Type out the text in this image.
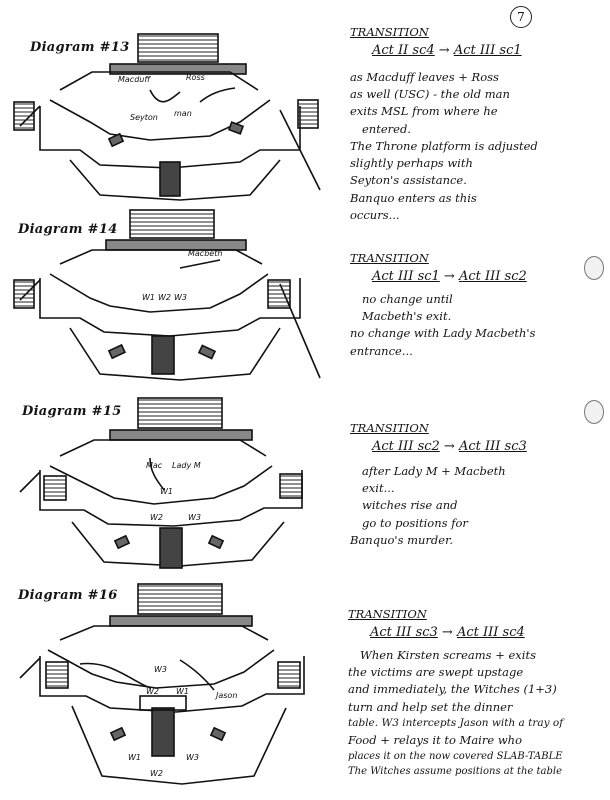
7
Diagram #13
Diagram #14
Diagram #15
Diagram #16
Macduff	Ross
Seyton man
Macbeth
W1 W2 W3
Mac Lady M
W1
W2	W3
W3
W2 W1	Jason
W1
W2
W3
TRANSITION
Act II sc4 → Act III sc1
as Macduff leaves + Ross
as well (USC) - the old man
exits MSL from where he
entered.
The Throne platform is adjusted
slightly perhaps with
Seyton's assistance.
Banquo enters as this
occurs...
TRANSITION
Act III sc1 → Act III sc2
no change until
Macbeth's exit.
no change with Lady Macbeth's
entrance...
TRANSITION
Act III sc2 → Act III sc3
after Lady M + Macbeth
exit...
witches rise and
go to positions for
Banquo's murder.
TRANSITION
Act III sc3 → Act III sc4
When Kirsten screams + exits
the victims are swept upstage
and immediately, the Witches (1+3)
turn and help set the dinner
table. W3 intercepts Jason with a tray of
Food + relays it to Maire who
places it on the now covered SLAB-TABLE
The Witches assume positions at the table
